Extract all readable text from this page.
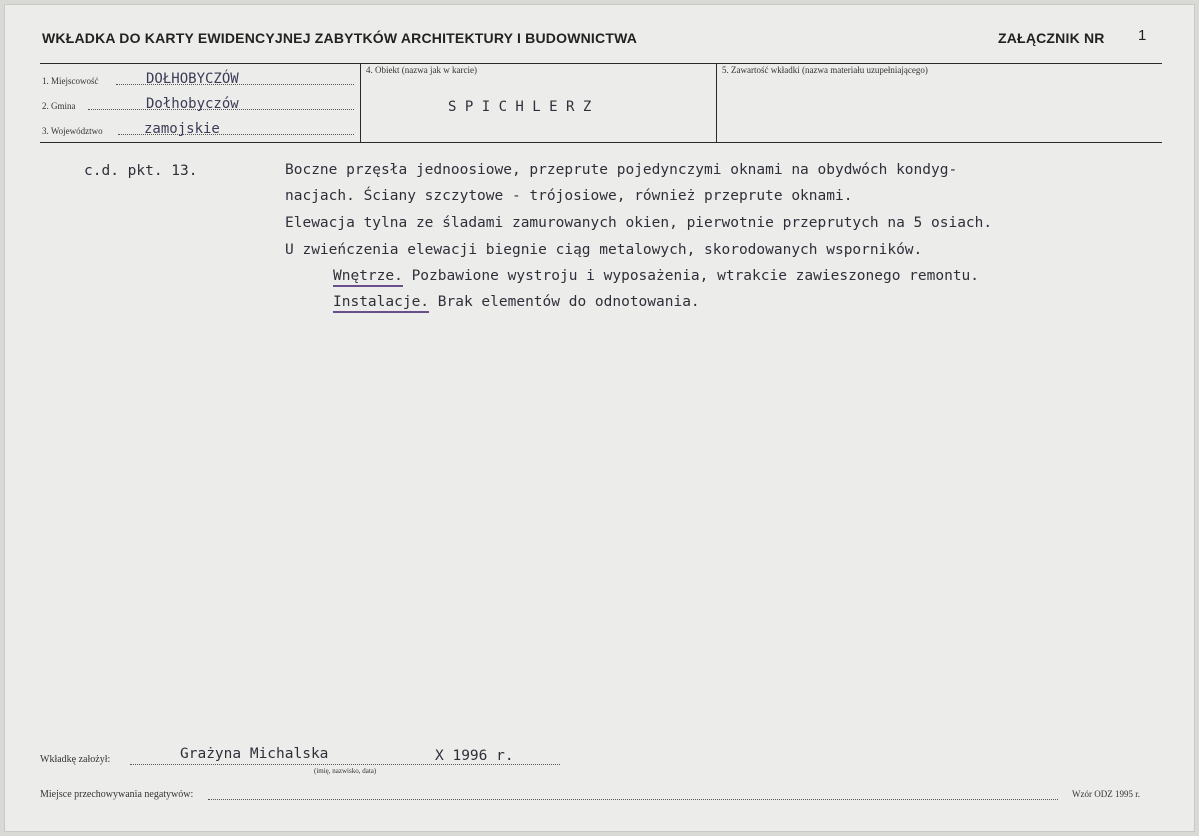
WKŁADKA DO KARTY EWIDENCYJNEJ ZABYTKÓW ARCHITEKTURY I BUDOWNICTWA	ZAŁĄCZNIK NR 1
1. Miejscowość	DOŁHOBYCZÓW
2. Gmina	Dołhobyczów
3. Województwo	zamojskie
4. Obiekt (nazwa jak w karcie)
S P I C H L E R Z
5. Zawartość wkładki (nazwa materiału uzupełniającego)
c.d. pkt. 13.	Boczne przęsła jednoosiowe, przeprute pojedynczymi oknami na obydwóch kondyg-
nacjach. Ściany szczytowe - trójosiowe, również przeprute oknami.
Elewacja tylna ze śladami zamurowanych okien, pierwotnie przeprutych na 5 osiach.
U zwieńczenia elewacji biegnie ciąg metalowych, skorodowanych wsporników.
Wnętrze. Pozbawione wystroju i wyposażenia, wtrakcie zawieszonego remontu.
Instalacje. Brak elementów do odnotowania.
Wkładkę założył:	Grażyna Michalska	X 1996 r.
(imię, nazwisko, data)
Miejsce przechowywania negatywów:	Wzór ODZ 1995 r.
